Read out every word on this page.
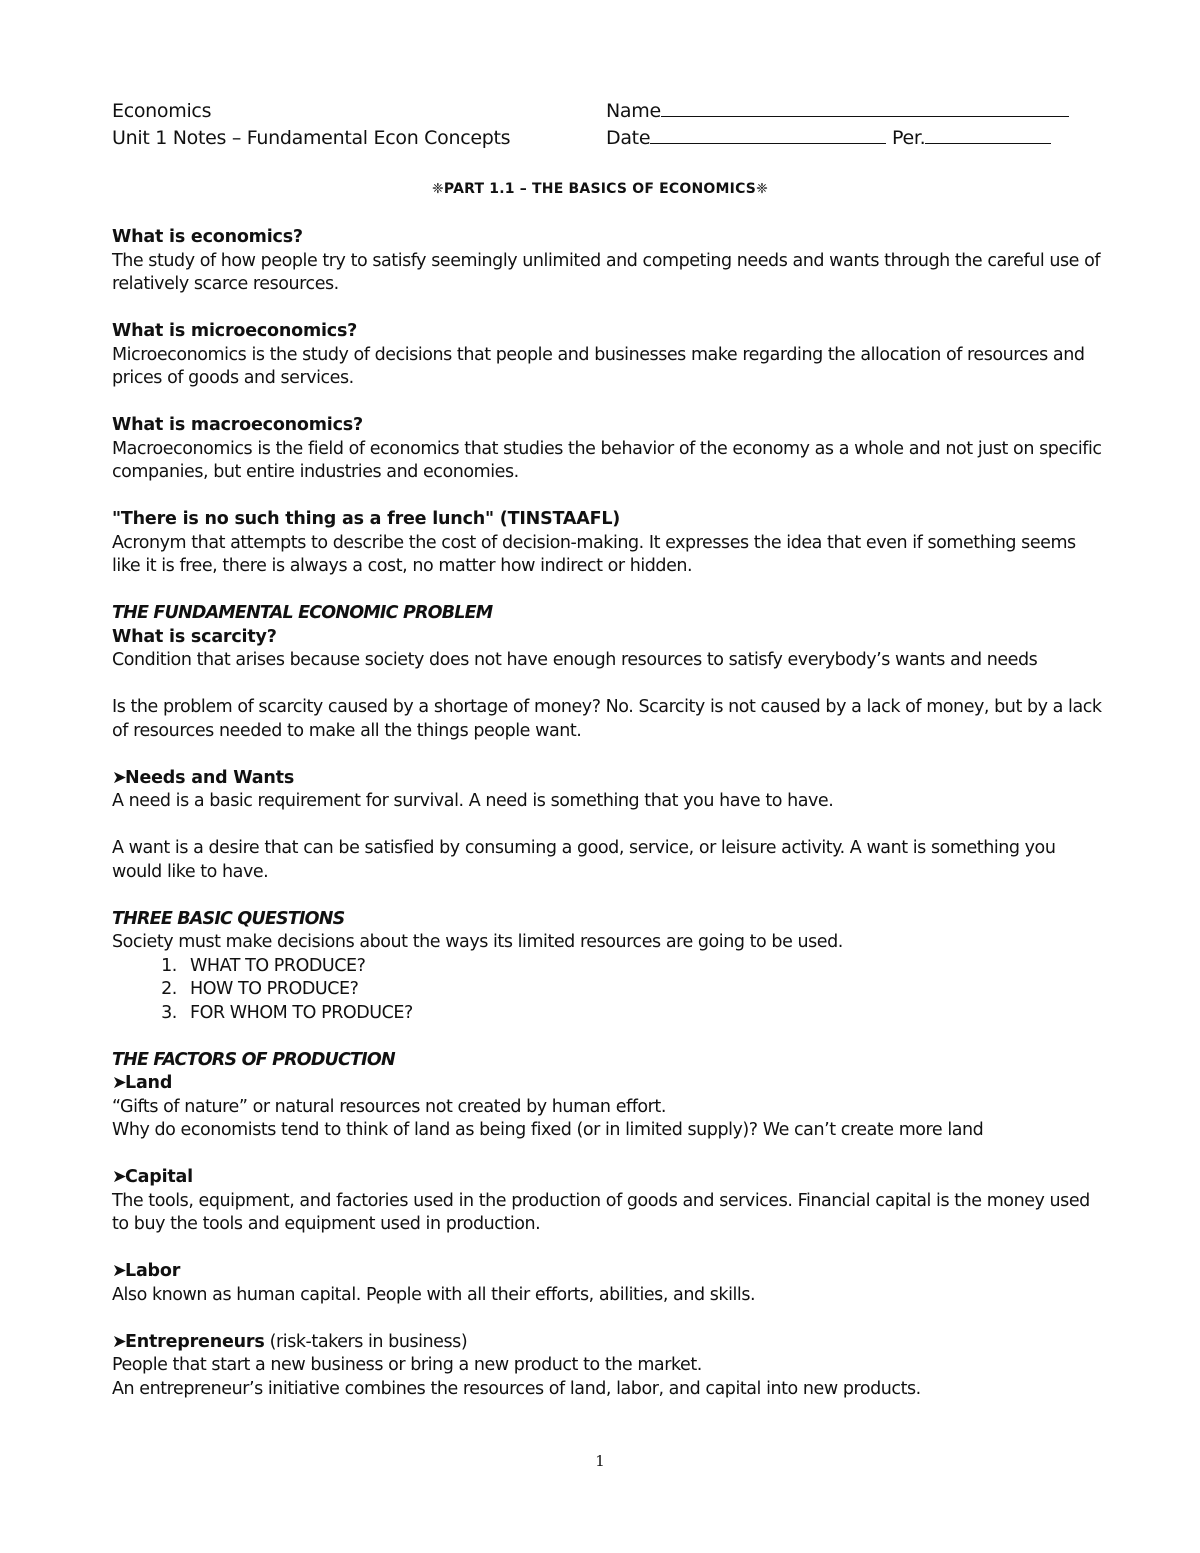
Economics
Unit 1 Notes – Fundamental Econ Concepts
Name
Date	Per.
❈PART 1.1 – THE BASICS OF ECONOMICS❈

What is economics?

The study of how people try to satisfy seemingly unlimited and competing needs and wants through the careful use of relatively scarce resources.

What is microeconomics?

Microeconomics is the study of decisions that people and businesses make regarding the allocation of resources and prices of goods and services.

What is macroeconomics?

Macroeconomics is the field of economics that studies the behavior of the economy as a whole and not just on specific companies, but entire industries and economies.

"There is no such thing as a free lunch" (TINSTAAFL)

Acronym that attempts to describe the cost of decision-making. It expresses the idea that even if something seems like it is free, there is always a cost, no matter how indirect or hidden.

THE FUNDAMENTAL ECONOMIC PROBLEM

What is scarcity?

Condition that arises because society does not have enough resources to satisfy everybody’s wants and needs

Is the problem of scarcity caused by a shortage of money? No. Scarcity is not caused by a lack of money, but by a lack of resources needed to make all the things people want.

➤Needs and Wants

A need is a basic requirement for survival. A need is something that you have to have.

A want is a desire that can be satisfied by consuming a good, service, or leisure activity. A want is something you would like to have.

THREE BASIC QUESTIONS

Society must make decisions about the ways its limited resources are going to be used.

1. WHAT TO PRODUCE?
2. HOW TO PRODUCE?
3. FOR WHOM TO PRODUCE?

THE FACTORS OF PRODUCTION

➤Land

“Gifts of nature” or natural resources not created by human effort.

Why do economists tend to think of land as being fixed (or in limited supply)? We can’t create more land

➤Capital

The tools, equipment, and factories used in the production of goods and services. Financial capital is the money used to buy the tools and equipment used in production.

➤Labor

Also known as human capital. People with all their efforts, abilities, and skills.

➤Entrepreneurs (risk-takers in business)

People that start a new business or bring a new product to the market.

An entrepreneur’s initiative combines the resources of land, labor, and capital into new products.

1
